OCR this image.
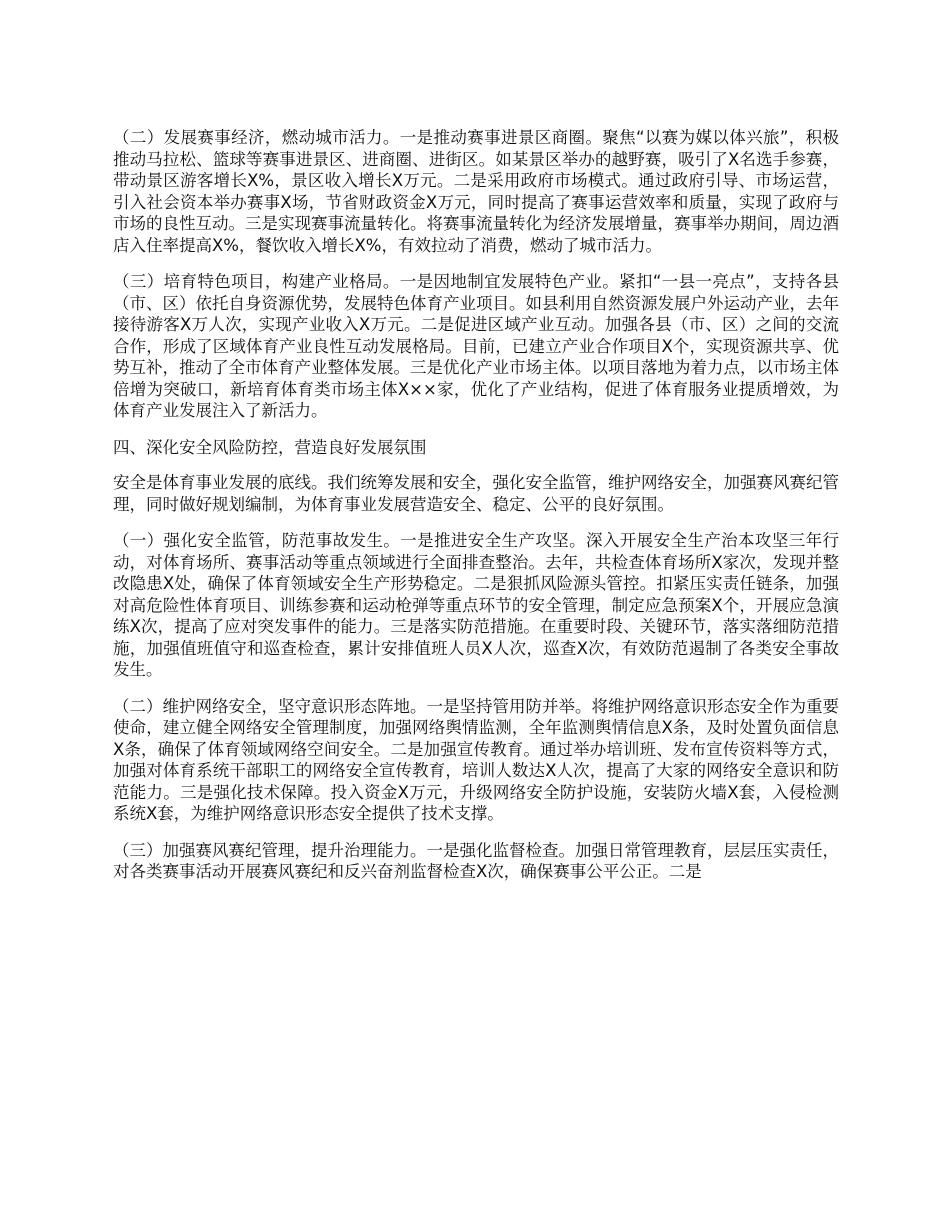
（二）发展赛事经济，燃动城市活力。一是推动赛事进景区商圈。聚焦“以赛为媒以体兴旅”，积极推动马拉松、篮球等赛事进景区、进商圈、进街区。如某景区举办的越野赛，吸引了X名选手参赛，带动景区游客增长X%，景区收入增长X万元。二是采用政府市场模式。通过政府引导、市场运营，引入社会资本举办赛事X场，节省财政资金X万元，同时提高了赛事运营效率和质量，实现了政府与市场的良性互动。三是实现赛事流量转化。将赛事流量转化为经济发展增量，赛事举办期间，周边酒店入住率提高X%，餐饮收入增长X%，有效拉动了消费，燃动了城市活力。

（三）培育特色项目，构建产业格局。一是因地制宜发展特色产业。紧扣“一县一亮点”，支持各县（市、区）依托自身资源优势，发展特色体育产业项目。如县利用自然资源发展户外运动产业，去年接待游客X万人次，实现产业收入X万元。二是促进区域产业互动。加强各县（市、区）之间的交流合作，形成了区域体育产业良性互动发展格局。目前，已建立产业合作项目X个，实现资源共享、优势互补，推动了全市体育产业整体发展。三是优化产业市场主体。以项目落地为着力点，以市场主体倍增为突破口，新培育体育类市场主体X××家，优化了产业结构，促进了体育服务业提质增效，为体育产业发展注入了新活力。

四、深化安全风险防控，营造良好发展氛围

安全是体育事业发展的底线。我们统筹发展和安全，强化安全监管，维护网络安全，加强赛风赛纪管理，同时做好规划编制，为体育事业发展营造安全、稳定、公平的良好氛围。

（一）强化安全监管，防范事故发生。一是推进安全生产攻坚。深入开展安全生产治本攻坚三年行动，对体育场所、赛事活动等重点领域进行全面排查整治。去年，共检查体育场所X家次，发现并整改隐患X处，确保了体育领域安全生产形势稳定。二是狠抓风险源头管控。扣紧压实责任链条，加强对高危险性体育项目、训练参赛和运动枪弹等重点环节的安全管理，制定应急预案X个，开展应急演练X次，提高了应对突发事件的能力。三是落实防范措施。在重要时段、关键环节，落实落细防范措施，加强值班值守和巡查检查，累计安排值班人员X人次，巡查X次，有效防范遏制了各类安全事故发生。

（二）维护网络安全，坚守意识形态阵地。一是坚持管用防并举。将维护网络意识形态安全作为重要使命，建立健全网络安全管理制度，加强网络舆情监测，全年监测舆情信息X条，及时处置负面信息X条，确保了体育领域网络空间安全。二是加强宣传教育。通过举办培训班、发布宣传资料等方式，加强对体育系统干部职工的网络安全宣传教育，培训人数达X人次，提高了大家的网络安全意识和防范能力。三是强化技术保障。投入资金X万元，升级网络安全防护设施，安装防火墙X套，入侵检测系统X套，为维护网络意识形态安全提供了技术支撑。

（三）加强赛风赛纪管理，提升治理能力。一是强化监督检查。加强日常管理教育，层层压实责任，对各类赛事活动开展赛风赛纪和反兴奋剂监督检查X次，确保赛事公平公正。二是
